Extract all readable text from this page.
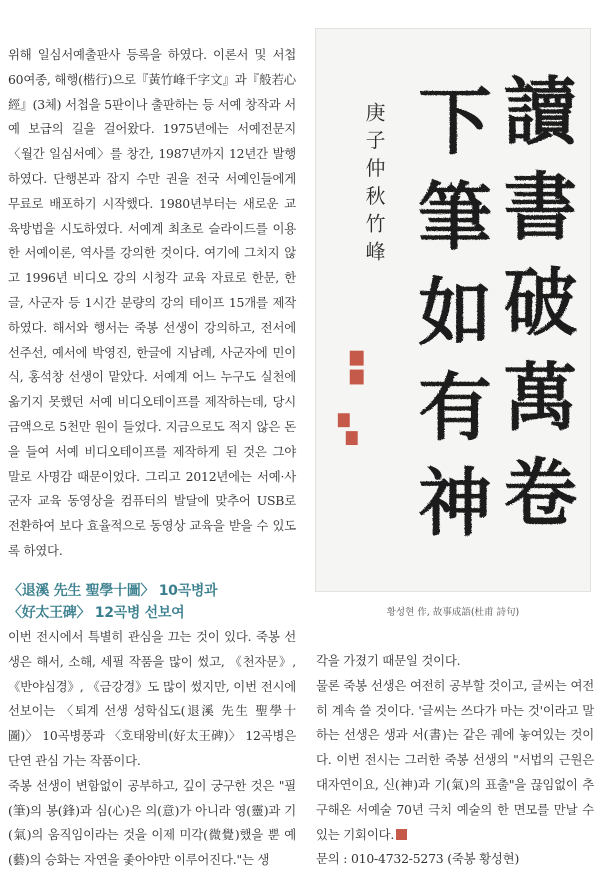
위해 일심서예출판사 등록을 하였다. 이론서 및 서첩 60여종, 해행(楷行)으로『黃竹峰千字文』과『般若心經』(3체) 서첩을 5판이나 출판하는 등 서예 창작과 서예 보급의 길을 걸어왔다. 1975년에는 서예전문지 〈월간 일심서예〉를 창간, 1987년까지 12년간 발행하였다. 단행본과 잡지 수만 권을 전국 서예인들에게 무료로 배포하기 시작했다. 1980년부터는 새로운 교육방법을 시도하였다. 서예계 최초로 슬라이드를 이용한 서예이론, 역사를 강의한 것이다. 여기에 그치지 않고 1996년 비디오 강의 시청각 교육 자료로 한문, 한글, 사군자 등 1시간 분량의 강의 테이프 15개를 제작하였다. 해서와 행서는 죽봉 선생이 강의하고, 전서에 선주선, 예서에 박영진, 한글에 지남례, 사군자에 민이식, 홍석창 선생이 맡았다. 서예계 어느 누구도 실천에 옮기지 못했던 서예 비디오테이프를 제작하는데, 당시 금액으로 5천만 원이 들었다. 지금으로도 적지 않은 돈을 들여 서예 비디오테이프를 제작하게 된 것은 그야 말로 사명감 때문이었다. 그리고 2012년에는 서예·사군자 교육 동영상을 컴퓨터의 발달에 맞추어 USB로 전환하여 보다 효율적으로 동영상 교육을 받을 수 있도록 하였다.

〈退溪 先生 聖學十圖〉 10곡병과
〈好太王碑〉 12곡병 선보여

이번 전시에서 특별히 관심을 끄는 것이 있다. 죽봉 선생은 해서, 소해, 세필 작품을 많이 썼고, 《천자문》, 《반야심경》, 《금강경》도 많이 썼지만, 이번 전시에 선보이는 〈퇴계 선생 성학십도(退溪 先生 聖學十圖)〉 10곡병풍과 〈호태왕비(好太王碑)〉 12곡병은 단연 관심 가는 작품이다.

죽봉 선생이 변함없이 공부하고, 깊이 궁구한 것은 "필(筆)의 봉(鋒)과 심(心)은 의(意)가 아니라 영(靈)과 기(氣)의 움직임이라는 것을 이제 미각(微覺)했을 뿐 예(藝)의 승화는 자연을 좇아야만 이루어진다."는 생

각을 가졌기 때문일 것이다.

물론 죽봉 선생은 여전히 공부할 것이고, 글씨는 여전히 계속 쓸 것이다. '글씨는 쓰다가 마는 것'이라고 말하는 선생은 생과 서(書)는 같은 궤에 놓여있는 것이다. 이번 전시는 그러한 죽봉 선생의 "서법의 근원은 대자연이요, 신(神)과 기(氣)의 표출"을 끊임없이 추구해온 서예술 70년 극치 예술의 한 면모를 만날 수 있는 기회이다.

문의 : 010-4732-5273 (죽봉 황성현)

讀書破萬卷
下筆如有神
庚子仲秋竹峰
황성현 作, 故事成語(杜甫 詩句)
